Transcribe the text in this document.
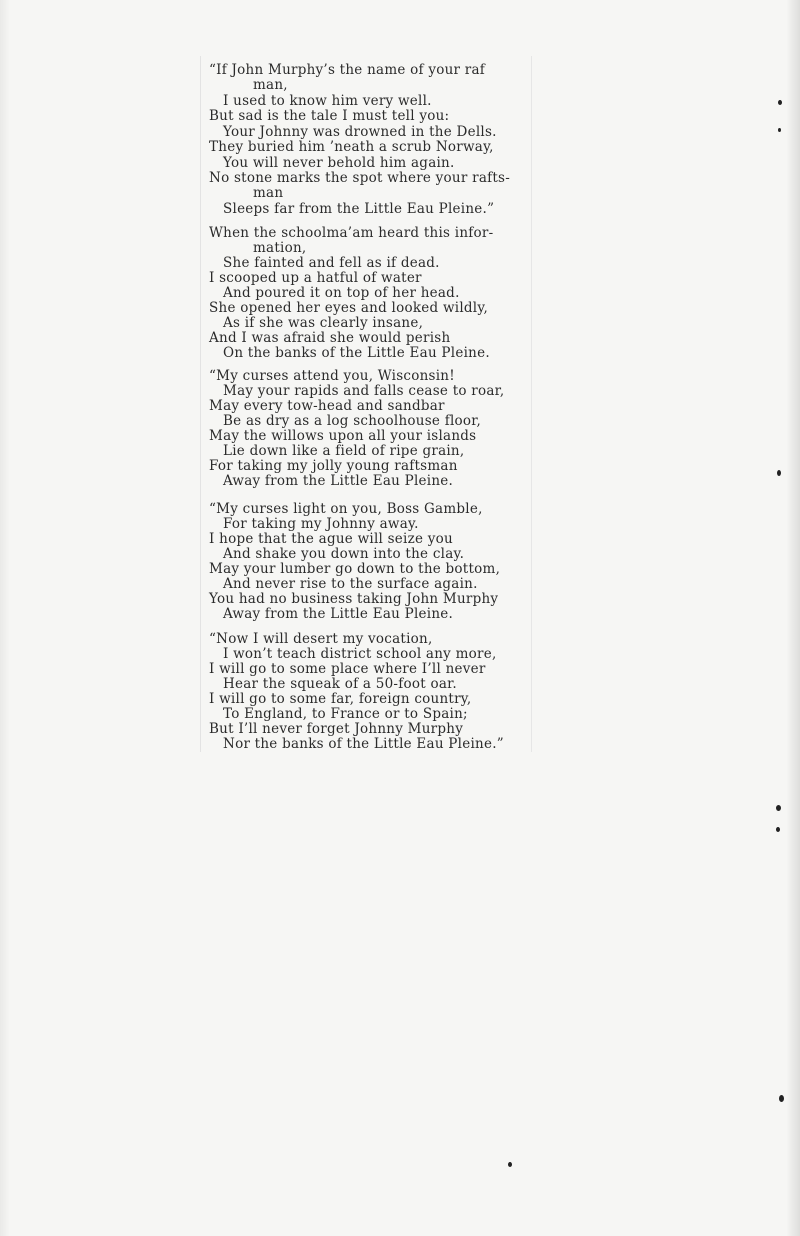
“If John Murphy’s the name of your raf
man,
I used to know him very well.
But sad is the tale I must tell you:
Your Johnny was drowned in the Dells.
They buried him ’neath a scrub Norway,
You will never behold him again.
No stone marks the spot where your rafts-
man
Sleeps far from the Little Eau Pleine.”
When the schoolma’am heard this infor-
mation,
She fainted and fell as if dead.
I scooped up a hatful of water
And poured it on top of her head.
She opened her eyes and looked wildly,
As if she was clearly insane,
And I was afraid she would perish
On the banks of the Little Eau Pleine.
“My curses attend you, Wisconsin!
May your rapids and falls cease to roar,
May every tow-head and sandbar
Be as dry as a log schoolhouse floor,
May the willows upon all your islands
Lie down like a field of ripe grain,
For taking my jolly young raftsman
Away from the Little Eau Pleine.
“My curses light on you, Boss Gamble,
For taking my Johnny away.
I hope that the ague will seize you
And shake you down into the clay.
May your lumber go down to the bottom,
And never rise to the surface again.
You had no business taking John Murphy
Away from the Little Eau Pleine.
“Now I will desert my vocation,
I won’t teach district school any more,
I will go to some place where I’ll never
Hear the squeak of a 50-foot oar.
I will go to some far, foreign country,
To England, to France or to Spain;
But I’ll never forget Johnny Murphy
Nor the banks of the Little Eau Pleine.”
